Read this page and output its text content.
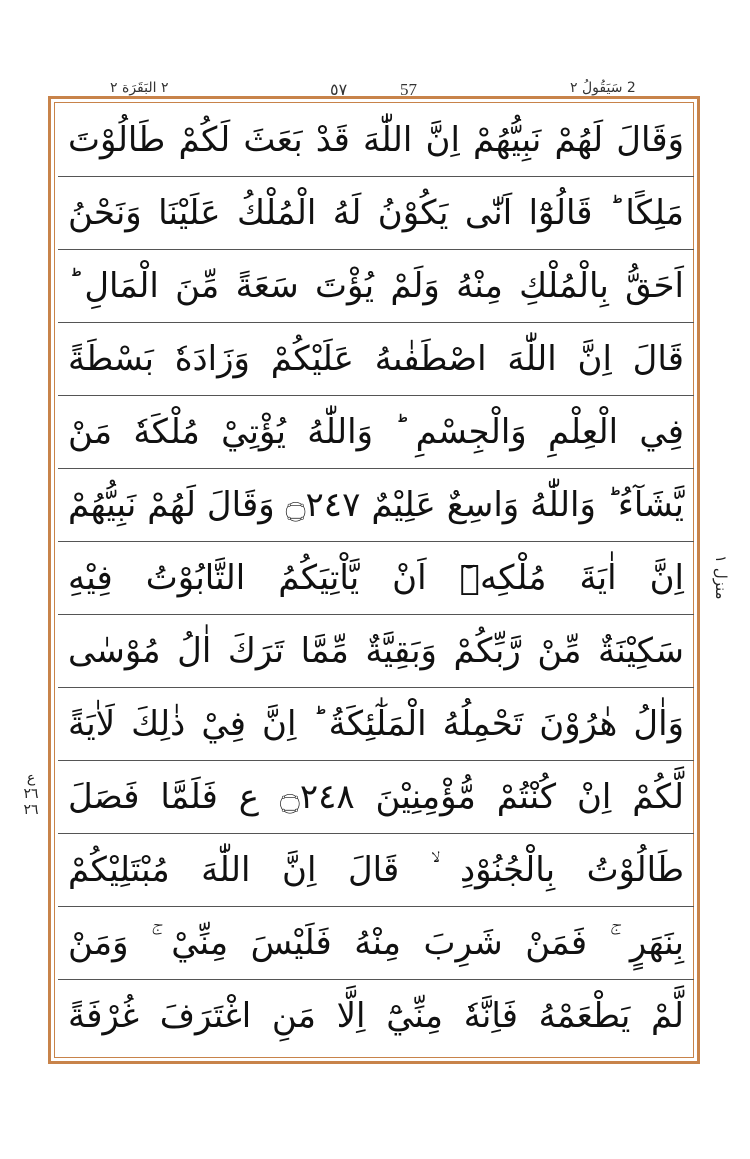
٢ البَقَرَة ٢	٥٧	57	2 سَيَقُولُ ٢
ع ٢٦ ٢٦
منزل ١
وَقَالَ لَهُمْ نَبِيُّهُمْ اِنَّ اللّٰهَ قَدْ بَعَثَ لَكُمْ طَالُوْتَ
مَلِكًا ؕ قَالُوْٓا اَنّٰى يَكُوْنُ لَهُ الْمُلْكُ عَلَيْنَا وَنَحْنُ
اَحَقُّ بِالْمُلْكِ مِنْهُ وَلَمْ يُؤْتَ سَعَةً مِّنَ الْمَالِ ؕ
قَالَ اِنَّ اللّٰهَ اصْطَفٰىهُ عَلَيْكُمْ وَزَادَهٗ بَسْطَةً
فِي الْعِلْمِ وَالْجِسْمِ ؕ وَاللّٰهُ يُؤْتِيْ مُلْكَهٗ مَنْ
يَّشَآءُ ؕ وَاللّٰهُ وَاسِعٌ عَلِيْمٌ ۝٢٤٧ وَقَالَ لَهُمْ نَبِيُّهُمْ
اِنَّ اٰيَةَ مُلْكِهٖٓ اَنْ يَّاْتِيَكُمُ التَّابُوْتُ فِيْهِ
سَكِيْنَةٌ مِّنْ رَّبِّكُمْ وَبَقِيَّةٌ مِّمَّا تَرَكَ اٰلُ مُوْسٰى
وَاٰلُ هٰرُوْنَ تَحْمِلُهُ الْمَلٰٓئِكَةُ ؕ اِنَّ فِيْ ذٰلِكَ لَاٰيَةً
لَّكُمْ اِنْ كُنْتُمْ مُّؤْمِنِيْنَ ۝٢٤٨ ع فَلَمَّا فَصَلَ
طَالُوْتُ بِالْجُنُوْدِ ۙ قَالَ اِنَّ اللّٰهَ مُبْتَلِيْكُمْ
بِنَهَرٍ ۚ فَمَنْ شَرِبَ مِنْهُ فَلَيْسَ مِنِّيْ ۚ وَمَنْ
لَّمْ يَطْعَمْهُ فَاِنَّهٗ مِنِّيْٓ اِلَّا مَنِ اغْتَرَفَ غُرْفَةً
